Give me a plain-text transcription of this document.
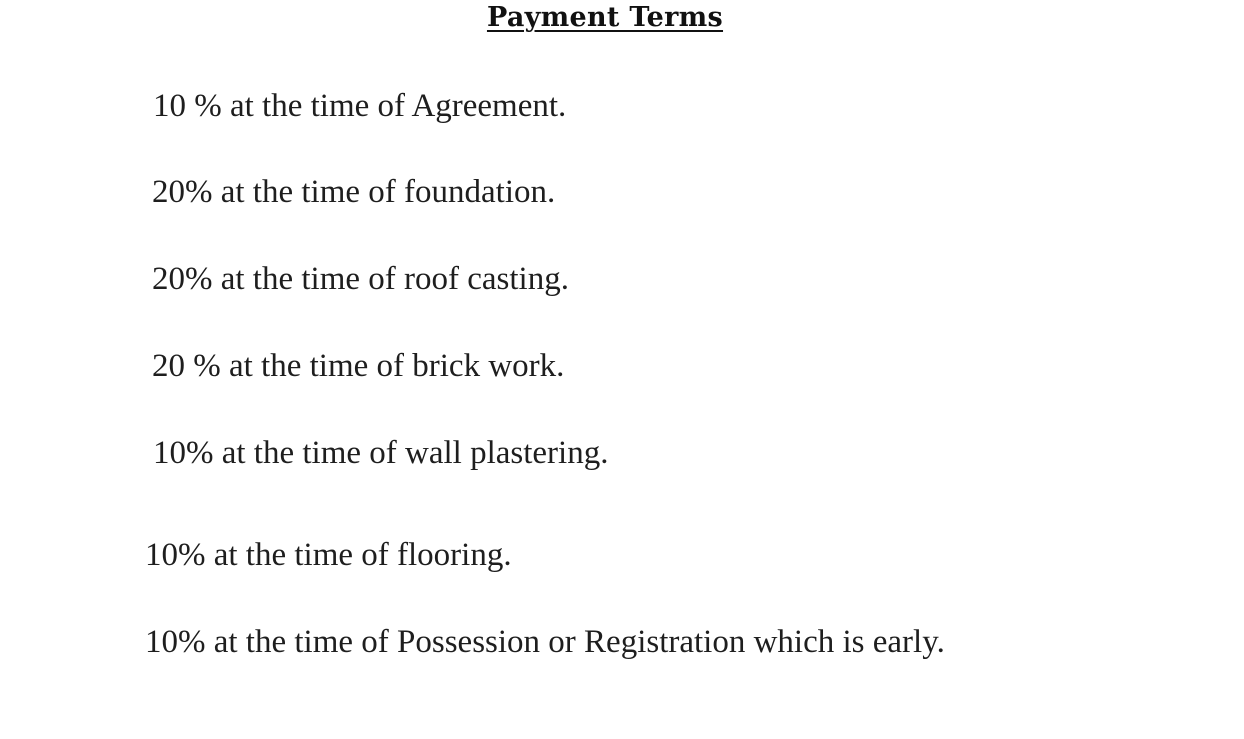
Payment Terms
10 % at the time of Agreement.
20% at the time of foundation.
20% at the time of roof casting.
20 % at the time of brick work.
10% at the time of wall plastering.
10% at the time of flooring.
10% at the time of Possession or Registration which is early.
